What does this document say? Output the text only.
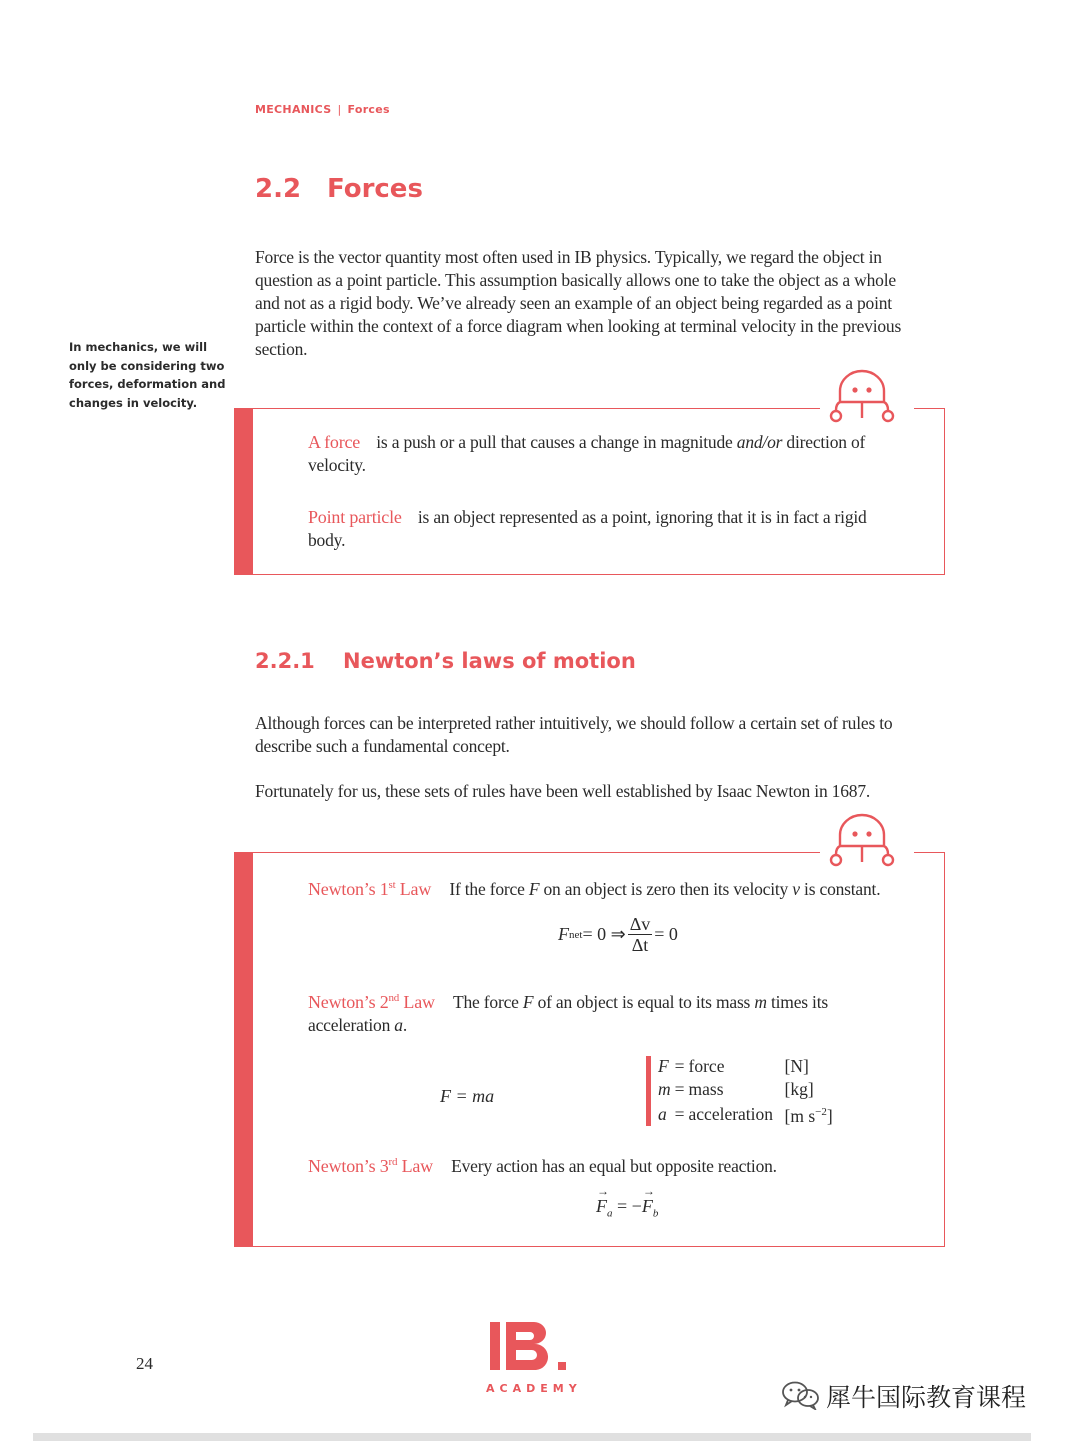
MECHANICS | Forces
2.2 Forces
Force is the vector quantity most often used in IB physics. Typically, we regard the object in question as a point particle. This assumption basically allows one to take the object as a whole and not as a rigid body. We’ve already seen an example of an object being regarded as a point particle within the context of a force diagram when looking at terminal velocity in the previous section.
In mechanics, we will only be considering two forces, deformation and changes in velocity.
A force is a push or a pull that causes a change in magnitude and/or direction of velocity.
Point particle is an object represented as a point, ignoring that it is in fact a rigid body.
2.2.1 Newton’s laws of motion
Although forces can be interpreted rather intuitively, we should follow a certain set of rules to describe such a fundamental concept.
Fortunately for us, these sets of rules have been well established by Isaac Newton in 1687.
Newton’s 1st Law If the force F on an object is zero then its velocity v is constant.
F net = 0 ⇒ $\frac{\Delta v}{\Delta t} = 0$
Newton’s 2nd Law The force F of an object is equal to its mass m times its acceleration a.
F = ma
F	=	force	[N]
m	=	mass	[kg]
a	=	acceleration	[m $s^{-2}$]
Newton’s 3rd Law Every action has an equal but opposite reaction.
→
$F_a$ = −
→
$F_b$
24
ACADEMY	犀牛国际教育课程
